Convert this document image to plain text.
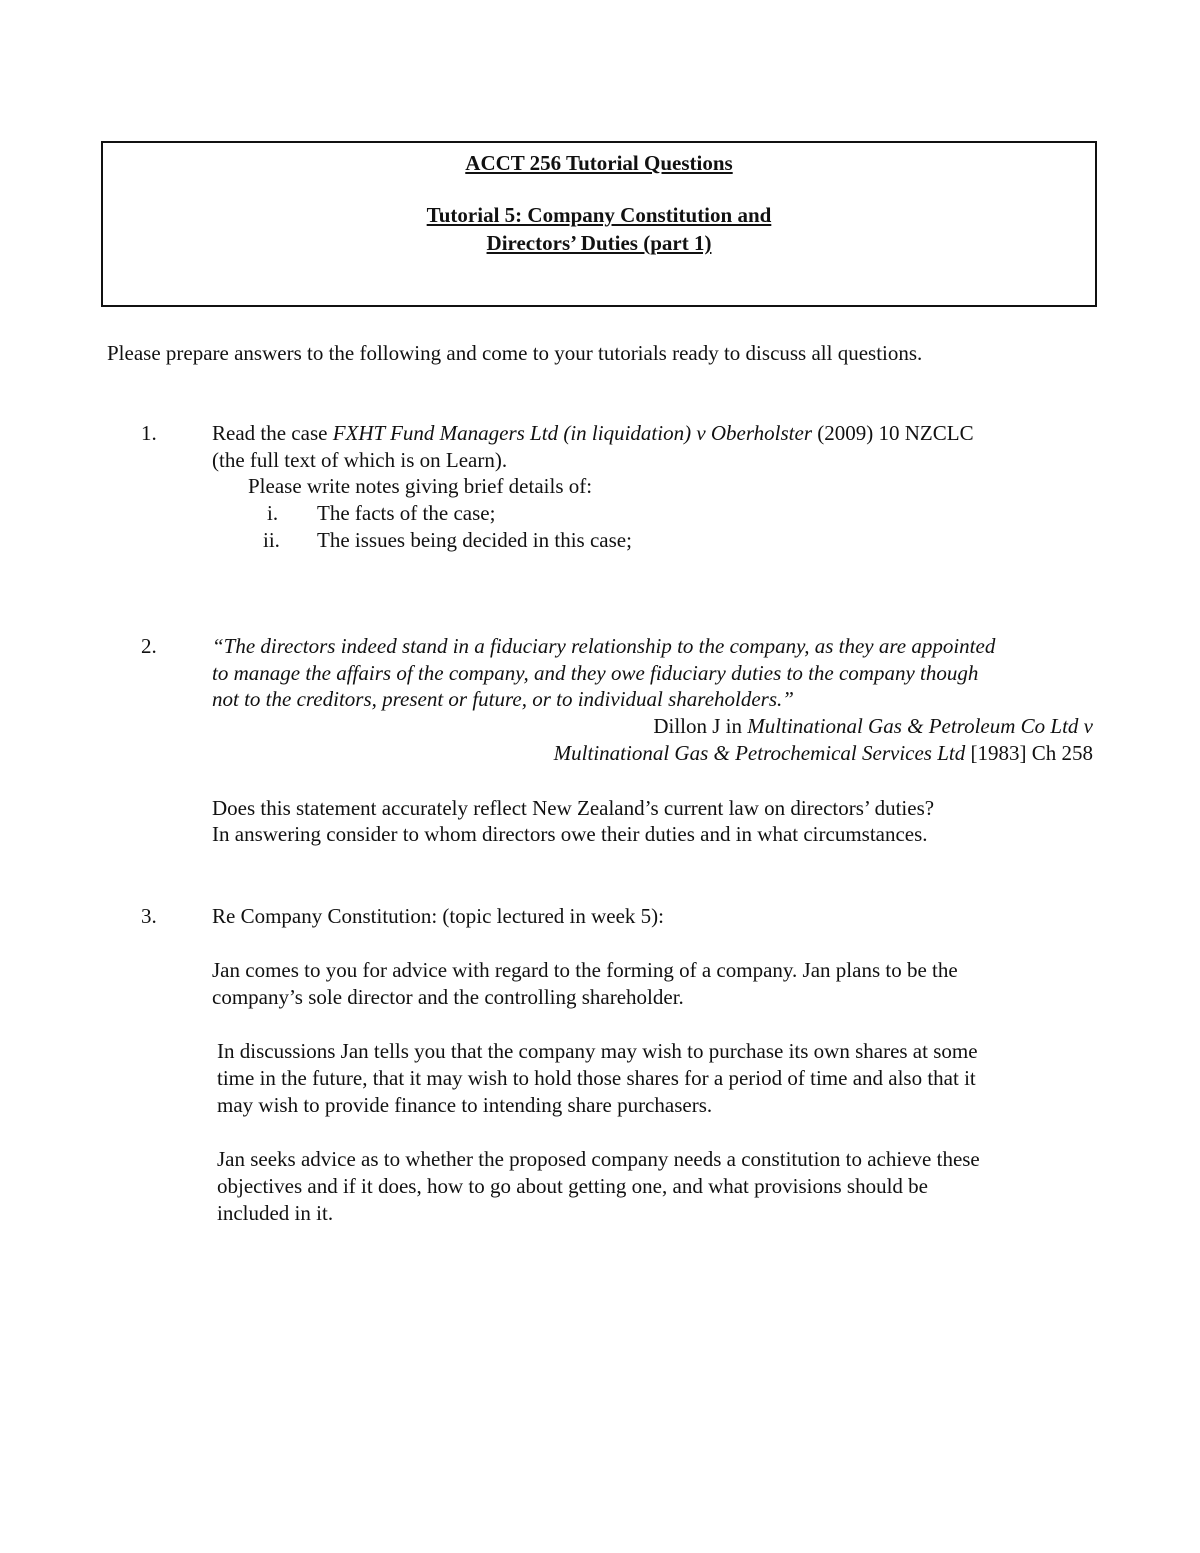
ACCT 256 Tutorial Questions
Tutorial 5: Company Constitution and
Directors’ Duties (part 1)
Please prepare answers to the following and come to your tutorials ready to discuss all questions.
1.	Read the case FXHT Fund Managers Ltd (in liquidation) v Oberholster (2009) 10 NZCLC
(the full text of which is on Learn).
Please write notes giving brief details of:
i. The facts of the case;
ii. The issues being decided in this case;
2.	“The directors indeed stand in a fiduciary relationship to the company, as they are appointed
to manage the affairs of the company, and they owe fiduciary duties to the company though
not to the creditors, present or future, or to individual shareholders.”
Dillon J in Multinational Gas & Petroleum Co Ltd v
Multinational Gas & Petrochemical Services Ltd [1983] Ch 258
Does this statement accurately reflect New Zealand’s current law on directors’ duties?
In answering consider to whom directors owe their duties and in what circumstances.
3.	Re Company Constitution: (topic lectured in week 5):
Jan comes to you for advice with regard to the forming of a company. Jan plans to be the
company’s sole director and the controlling shareholder.
In discussions Jan tells you that the company may wish to purchase its own shares at some
time in the future, that it may wish to hold those shares for a period of time and also that it
may wish to provide finance to intending share purchasers.
Jan seeks advice as to whether the proposed company needs a constitution to achieve these
objectives and if it does, how to go about getting one, and what provisions should be
included in it.
